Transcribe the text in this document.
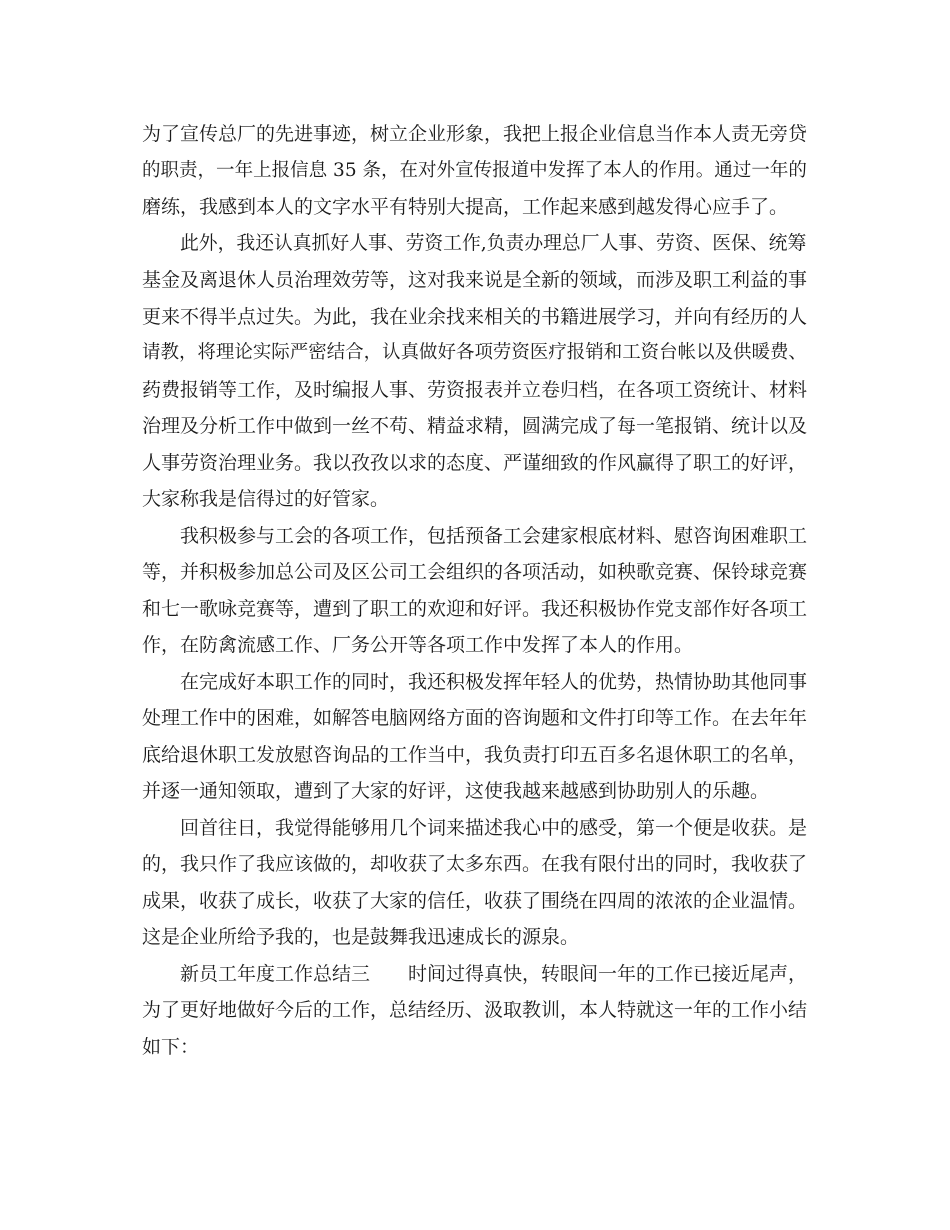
为了宣传总厂的先进事迹，树立企业形象，我把上报企业信息当作本人责无旁贷
的职责，一年上报信息 35 条，在对外宣传报道中发挥了本人的作用。通过一年的
磨练，我感到本人的文字水平有特别大提高，工作起来感到越发得心应手了。
此外，我还认真抓好人事、劳资工作,负责办理总厂人事、劳资、医保、统筹
基金及离退休人员治理效劳等，这对我来说是全新的领域，而涉及职工利益的事
更来不得半点过失。为此，我在业余找来相关的书籍进展学习，并向有经历的人
请教，将理论实际严密结合，认真做好各项劳资医疗报销和工资台帐以及供暖费、
药费报销等工作，及时编报人事、劳资报表并立卷归档，在各项工资统计、材料
治理及分析工作中做到一丝不苟、精益求精，圆满完成了每一笔报销、统计以及
人事劳资治理业务。我以孜孜以求的态度、严谨细致的作风赢得了职工的好评，
大家称我是信得过的好管家。
我积极参与工会的各项工作，包括预备工会建家根底材料、慰咨询困难职工
等，并积极参加总公司及区公司工会组织的各项活动，如秧歌竞赛、保铃球竞赛
和七一歌咏竞赛等，遭到了职工的欢迎和好评。我还积极协作党支部作好各项工
作，在防禽流感工作、厂务公开等各项工作中发挥了本人的作用。
在完成好本职工作的同时，我还积极发挥年轻人的优势，热情协助其他同事
处理工作中的困难，如解答电脑网络方面的咨询题和文件打印等工作。在去年年
底给退休职工发放慰咨询品的工作当中，我负责打印五百多名退休职工的名单，
并逐一通知领取，遭到了大家的好评，这使我越来越感到协助别人的乐趣。
回首往日，我觉得能够用几个词来描述我心中的感受，第一个便是收获。是
的，我只作了我应该做的，却收获了太多东西。在我有限付出的同时，我收获了
成果，收获了成长，收获了大家的信任，收获了围绕在四周的浓浓的企业温情。
这是企业所给予我的，也是鼓舞我迅速成长的源泉。
新员工年度工作总结三　　时间过得真快，转眼间一年的工作已接近尾声，
为了更好地做好今后的工作，总结经历、汲取教训，本人特就这一年的工作小结
如下：
